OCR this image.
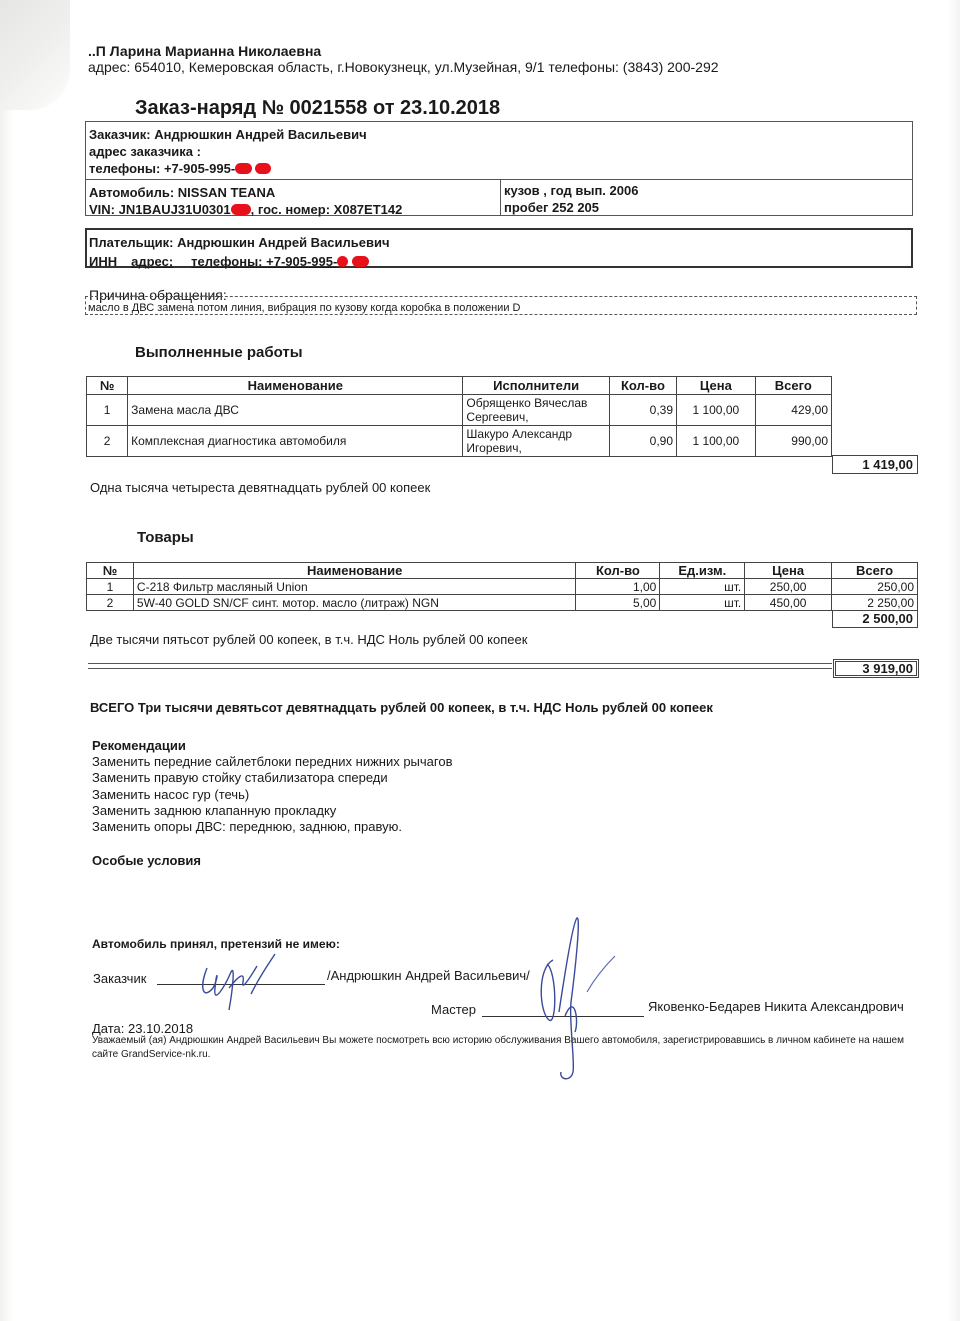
..П Ларина Марианна Николаевна
адрес: 654010, Кемеровская область, г.Новокузнецк, ул.Музейная, 9/1 телефоны: (3843) 200-292
Заказ-наряд № 0021558 от 23.10.2018
Заказчик: Андрюшкин Андрей Васильевич
адрес заказчика :
телефоны: +7-905-995-
Автомобиль: NISSAN TEANA
VIN: JN1BAUJ31U0301 , гос. номер: X087ET142
кузов , год вып. 2006
пробег 252 205
Плательщик: Андрюшкин Андрей Васильевич
ИНН адрес: телефоны: +7-905-995-
Причина обращения:
масло в ДВС замена потом линия, вибрация по кузову когда коробка в положении D
Выполненные работы
№	Наименование	Исполнители	Кол-во	Цена	Всего
1	Замена масла ДВС	Обрященко Вячеслав
Сергеевич,	0,39	1 100,00	429,00
2	Комплексная диагностика автомобиля	Шакуро Александр
Игоревич,	0,90	1 100,00	990,00
1 419,00
Одна тысяча четыреста девятнадцать рублей 00 копеек
Товары
№	Наименование	Кол-во	Ед.изм.	Цена	Всего
1	С-218 Фильтр масляный Union	1,00	шт.	250,00	250,00
2	5W-40 GOLD SN/CF синт. мотор. масло (литраж) NGN	5,00	шт.	450,00	2 250,00
2 500,00
Две тысячи пятьсот рублей 00 копеек, в т.ч. НДС Ноль рублей 00 копеек
3 919,00
ВСЕГО Три тысячи девятьсот девятнадцать рублей 00 копеек, в т.ч. НДС Ноль рублей 00 копеек
Рекомендации
Заменить передние сайлетблоки передних нижних рычагов
Заменить правую стойку стабилизатора спереди
Заменить насос гур (течь)
Заменить заднюю клапанную прокладку
Заменить опоры ДВС: переднюю, заднюю, правую.
Особые условия
Автомобиль принял, претензий не имею:
Заказчик	/Андрюшкин Андрей Васильевич/
Мастер	Яковенко-Бедарев Никита Александрович
Дата: 23.10.2018
Уважаемый (ая) Андрюшкин Андрей Васильевич Вы можете посмотреть всю историю обслуживания Вашего автомобиля, зарегистрировавшись в личном кабинете на нашем сайте GrandService-nk.ru.
